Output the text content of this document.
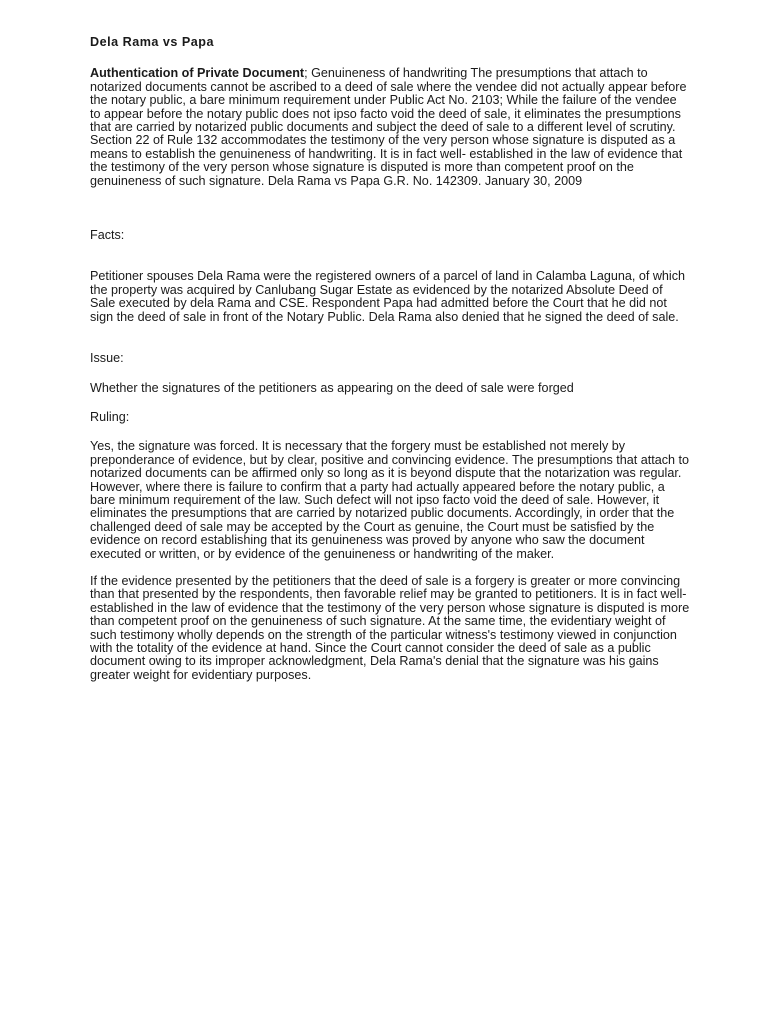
Dela Rama vs Papa

Authentication of Private Document; Genuineness of handwriting The presumptions that attach to notarized documents cannot be ascribed to a deed of sale where the vendee did not actually appear before the notary public, a bare minimum requirement under Public Act No. 2103; While the failure of the vendee to appear before the notary public does not ipso facto void the deed of sale, it eliminates the presumptions that are carried by notarized public documents and subject the deed of sale to a different level of scrutiny. Section 22 of Rule 132 accommodates the testimony of the very person whose signature is disputed as a means to establish the genuineness of handwriting. It is in fact well- established in the law of evidence that the testimony of the very person whose signature is disputed is more than competent proof on the genuineness of such signature. Dela Rama vs Papa G.R. No. 142309. January 30, 2009

Facts:

Petitioner spouses Dela Rama were the registered owners of a parcel of land in Calamba Laguna, of which the property was acquired by Canlubang Sugar Estate as evidenced by the notarized Absolute Deed of Sale executed by dela Rama and CSE. Respondent Papa had admitted before the Court that he did not sign the deed of sale in front of the Notary Public. Dela Rama also denied that he signed the deed of sale.

Issue:

Whether the signatures of the petitioners as appearing on the deed of sale were forged

Ruling:

Yes, the signature was forced. It is necessary that the forgery must be established not merely by preponderance of evidence, but by clear, positive and convincing evidence. The presumptions that attach to notarized documents can be affirmed only so long as it is beyond dispute that the notarization was regular. However, where there is failure to confirm that a party had actually appeared before the notary public, a bare minimum requirement of the law. Such defect will not ipso facto void the deed of sale. However, it eliminates the presumptions that are carried by notarized public documents. Accordingly, in order that the challenged deed of sale may be accepted by the Court as genuine, the Court must be satisfied by the evidence on record establishing that its genuineness was proved by anyone who saw the document executed or written, or by evidence of the genuineness or handwriting of the maker.

If the evidence presented by the petitioners that the deed of sale is a forgery is greater or more convincing than that presented by the respondents, then favorable relief may be granted to petitioners. It is in fact well-established in the law of evidence that the testimony of the very person whose signature is disputed is more than competent proof on the genuineness of such signature. At the same time, the evidentiary weight of such testimony wholly depends on the strength of the particular witness's testimony viewed in conjunction with the totality of the evidence at hand. Since the Court cannot consider the deed of sale as a public document owing to its improper acknowledgment, Dela Rama's denial that the signature was his gains greater weight for evidentiary purposes.
